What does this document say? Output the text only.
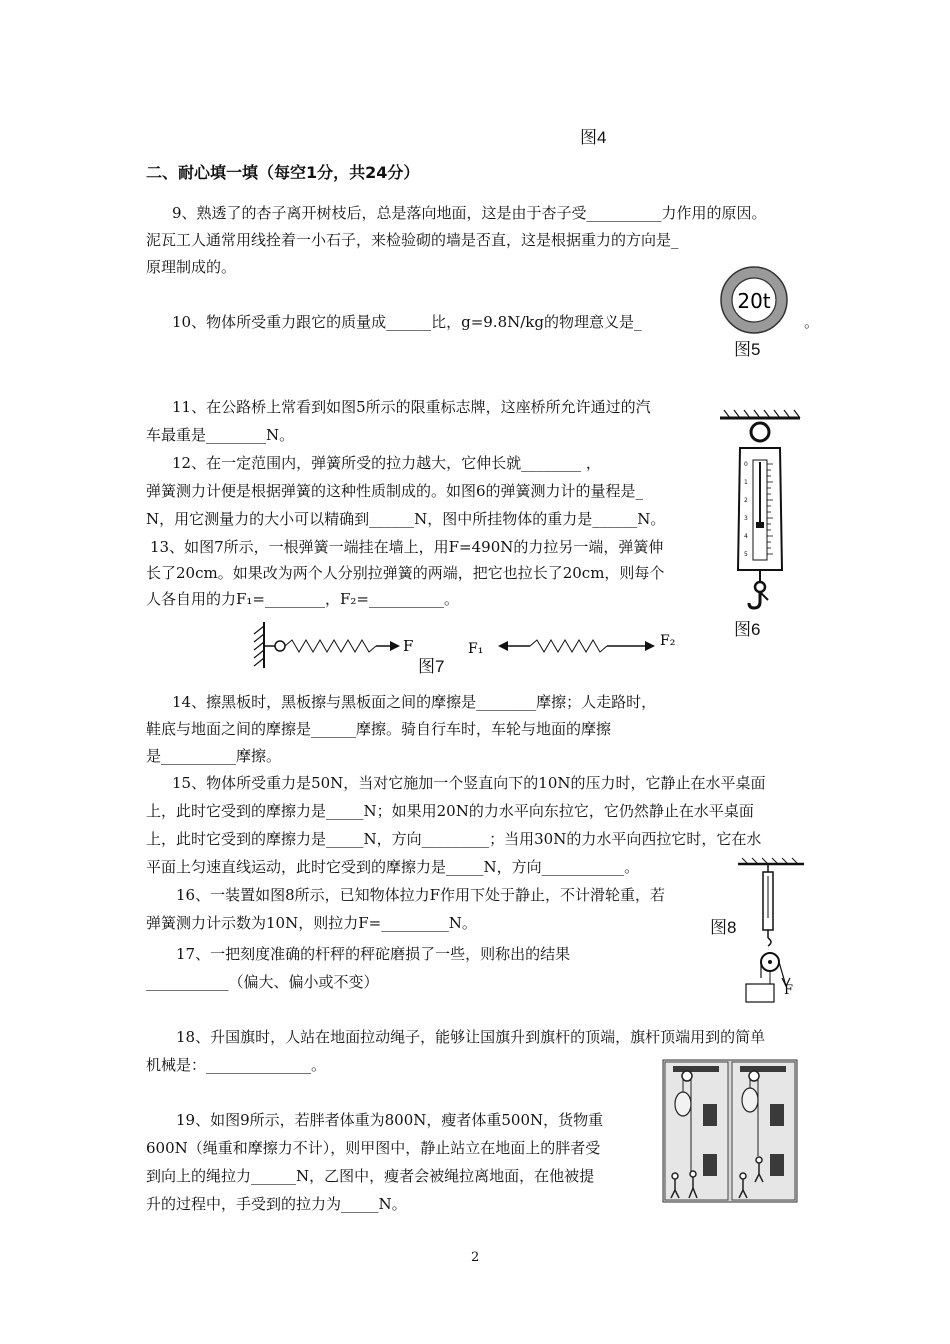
图4
二、耐心填一填（每空1分，共24分）
9、熟透了的杏子离开树枝后，总是落向地面，这是由于杏子受__________力作用的原因。
泥瓦工人通常用线拴着一小石子，来检验砌的墙是否直，这是根据重力的方向是_
原理制成的。
10、物体所受重力跟它的质量成______比，g=9.8N/kg的物理意义是_	。
20t
图5
11、在公路桥上常看到如图5所示的限重标志牌，这座桥所允许通过的汽
车最重是________N。
12、在一定范围内，弹簧所受的拉力越大，它伸长就________ ，
弹簧测力计便是根据弹簧的这种性质制成的。如图6的弹簧测力计的量程是_
N，用它测量力的大小可以精确到______N，图中所挂物体的重力是______N。
13、如图7所示，一根弹簧一端挂在墙上，用F=490N的力拉另一端，弹簧伸
长了20cm。如果改为两个人分别拉弹簧的两端，把它也拉长了20cm，则每个
人各自用的力F₁=________，F₂=__________。
0
1
2
3
4
5
图6
F	F₁	F₂
图7
14、擦黑板时，黑板擦与黑板面之间的摩擦是________摩擦；人走路时，
鞋底与地面之间的摩擦是______摩擦。骑自行车时，车轮与地面的摩擦
是__________摩擦。
15、物体所受重力是50N，当对它施加一个竖直向下的10N的压力时，它静止在水平桌面
上，此时它受到的摩擦力是_____N；如果用20N的力水平向东拉它，它仍然静止在水平桌面
上，此时它受到的摩擦力是_____N，方向_________；当用30N的力水平向西拉它时，它在水
平面上匀速直线运动，此时它受到的摩擦力是_____N，方向___________。
16、一装置如图8所示，已知物体拉力F作用下处于静止，不计滑轮重，若
弹簧测力计示数为10N，则拉力F=_________N。
F
图8
17、一把刻度准确的杆秤的秤砣磨损了一些，则称出的结果
___________（偏大、偏小或不变）
18、升国旗时，人站在地面拉动绳子，能够让国旗升到旗杆的顶端，旗杆顶端用到的简单
机械是：______________。
19、如图9所示，若胖者体重为800N，瘦者体重500N，货物重
600N（绳重和摩擦力不计），则甲图中，静止站立在地面上的胖者受
到向上的绳拉力______N，乙图中，瘦者会被绳拉离地面，在他被提
升的过程中，手受到的拉力为_____N。
2
